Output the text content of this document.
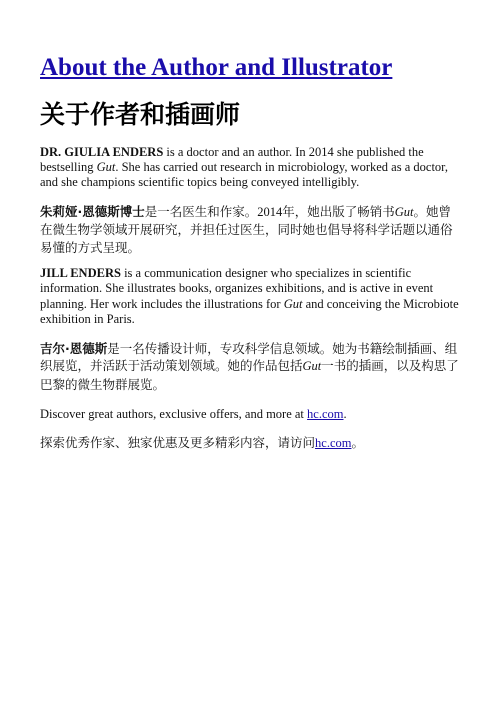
About the Author and Illustrator
关于作者和插画师

DR. GIULIA ENDERS is a doctor and an author. In 2014 she published the bestselling Gut. She has carried out research in microbiology, worked as a doctor, and she champions scientific topics being conveyed intelligibly.

朱莉娅·恩德斯博士是一名医生和作家。2014年，她出版了畅销书Gut。她曾在微生物学领域开展研究，并担任过医生，同时她也倡导将科学话题以通俗易懂的方式呈现。

JILL ENDERS is a communication designer who specializes in scientific information. She illustrates books, organizes exhibitions, and is active in event planning. Her work includes the illustrations for Gut and conceiving the Microbiote exhibition in Paris.

吉尔·恩德斯是一名传播设计师，专攻科学信息领域。她为书籍绘制插画、组织展览，并活跃于活动策划领域。她的作品包括Gut一书的插画，以及构思了巴黎的微生物群展览。

Discover great authors, exclusive offers, and more at hc.com.

探索优秀作家、独家优惠及更多精彩内容，请访问hc.com。
